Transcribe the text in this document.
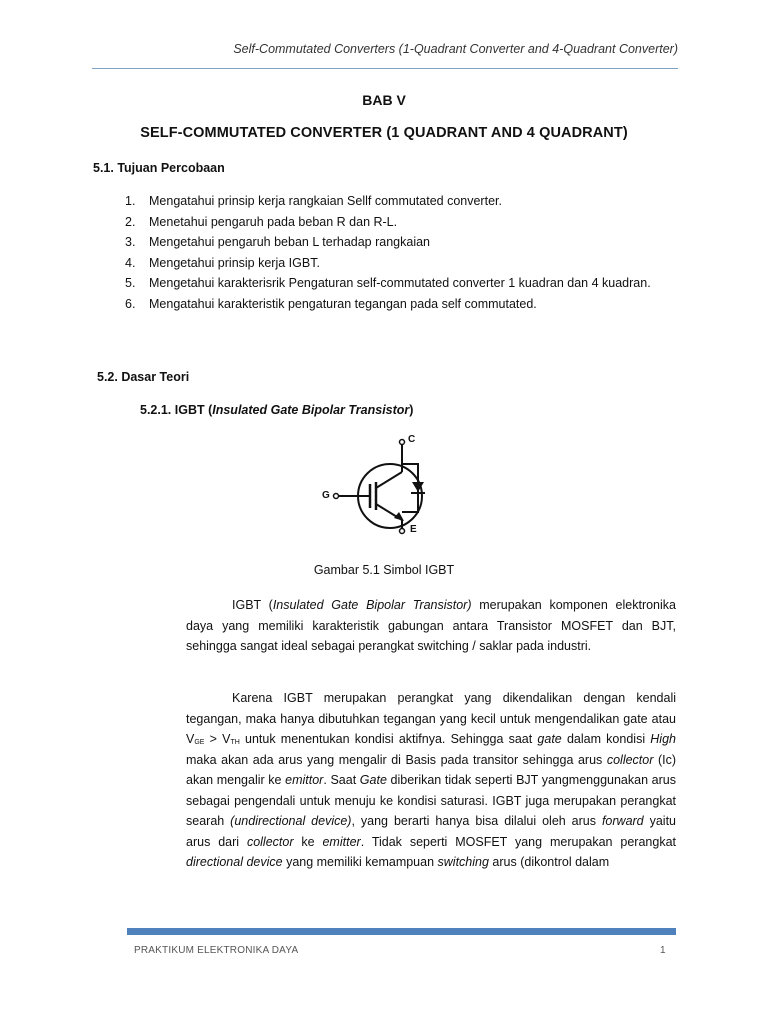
Self-Commutated Converters (1-Quadrant Converter and 4-Quadrant Converter)
BAB V
SELF-COMMUTATED CONVERTER (1 QUADRANT AND 4 QUADRANT)
5.1. Tujuan Percobaan
1. Mengatahui prinsip kerja rangkaian Sellf commutated converter.
2. Menetahui pengaruh pada beban R dan R-L.
3. Mengetahui pengaruh beban L terhadap rangkaian
4. Mengetahui prinsip kerja IGBT.
5. Mengetahui karakterisrik Pengaturan self-commutated converter 1 kuadran dan 4 kuadran.
6. Mengatahui karakteristik pengaturan tegangan pada self commutated.
5.2. Dasar Teori
5.2.1. IGBT (Insulated Gate Bipolar Transistor)
C
G
E
Gambar 5.1 Simbol IGBT

IGBT (Insulated Gate Bipolar Transistor) merupakan komponen elektronika daya yang memiliki karakteristik gabungan antara Transistor MOSFET dan BJT, sehingga sangat ideal sebagai perangkat switching / saklar pada industri.

Karena IGBT merupakan perangkat yang dikendalikan dengan kendali tegangan, maka hanya dibutuhkan tegangan yang kecil untuk mengendalikan gate atau $V_{GE} > V_{TH}$ untuk menentukan kondisi aktifnya. Sehingga saat gate dalam kondisi High maka akan ada arus yang mengalir di Basis pada transitor sehingga arus collector (Ic) akan mengalir ke emittor. Saat Gate diberikan tidak seperti BJT yangmenggunakan arus sebagai pengendali untuk menuju ke kondisi saturasi. IGBT juga merupakan perangkat searah (undirectional device), yang berarti hanya bisa dilalui oleh arus forward yaitu arus dari collector ke emitter. Tidak seperti MOSFET yang merupakan perangkat directional device yang memiliki kemampuan switching arus (dikontrol dalam

PRAKTIKUM ELEKTRONIKA DAYA	1
